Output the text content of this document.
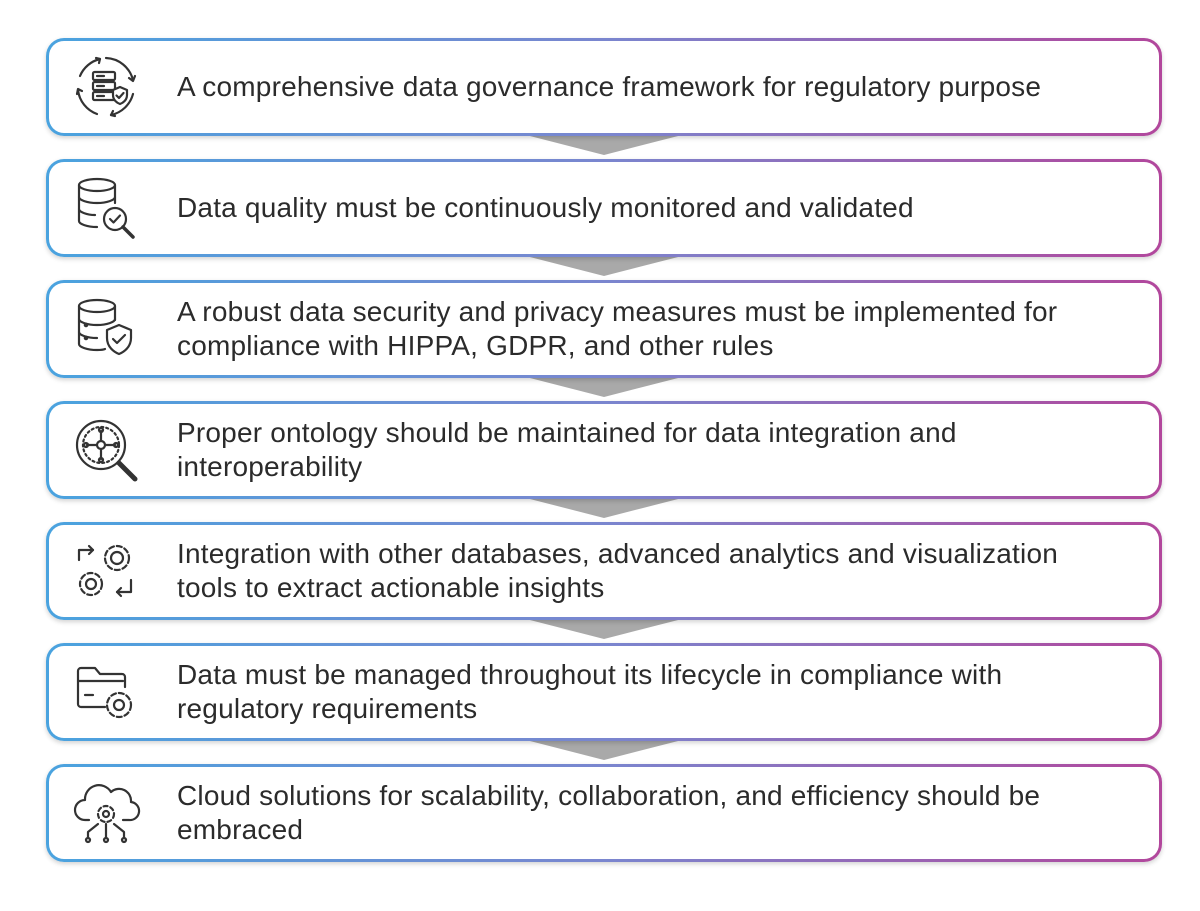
A comprehensive data governance framework for regulatory purpose
Data quality must be continuously monitored and validated
A robust data security and privacy measures must be implemented for compliance with HIPPA, GDPR, and other rules
Proper ontology should be maintained for data integration and interoperability
Integration with other databases, advanced analytics and visualization tools to extract actionable insights
Data must be managed throughout its lifecycle in compliance with regulatory requirements
Cloud solutions for scalability, collaboration, and efficiency should be embraced
